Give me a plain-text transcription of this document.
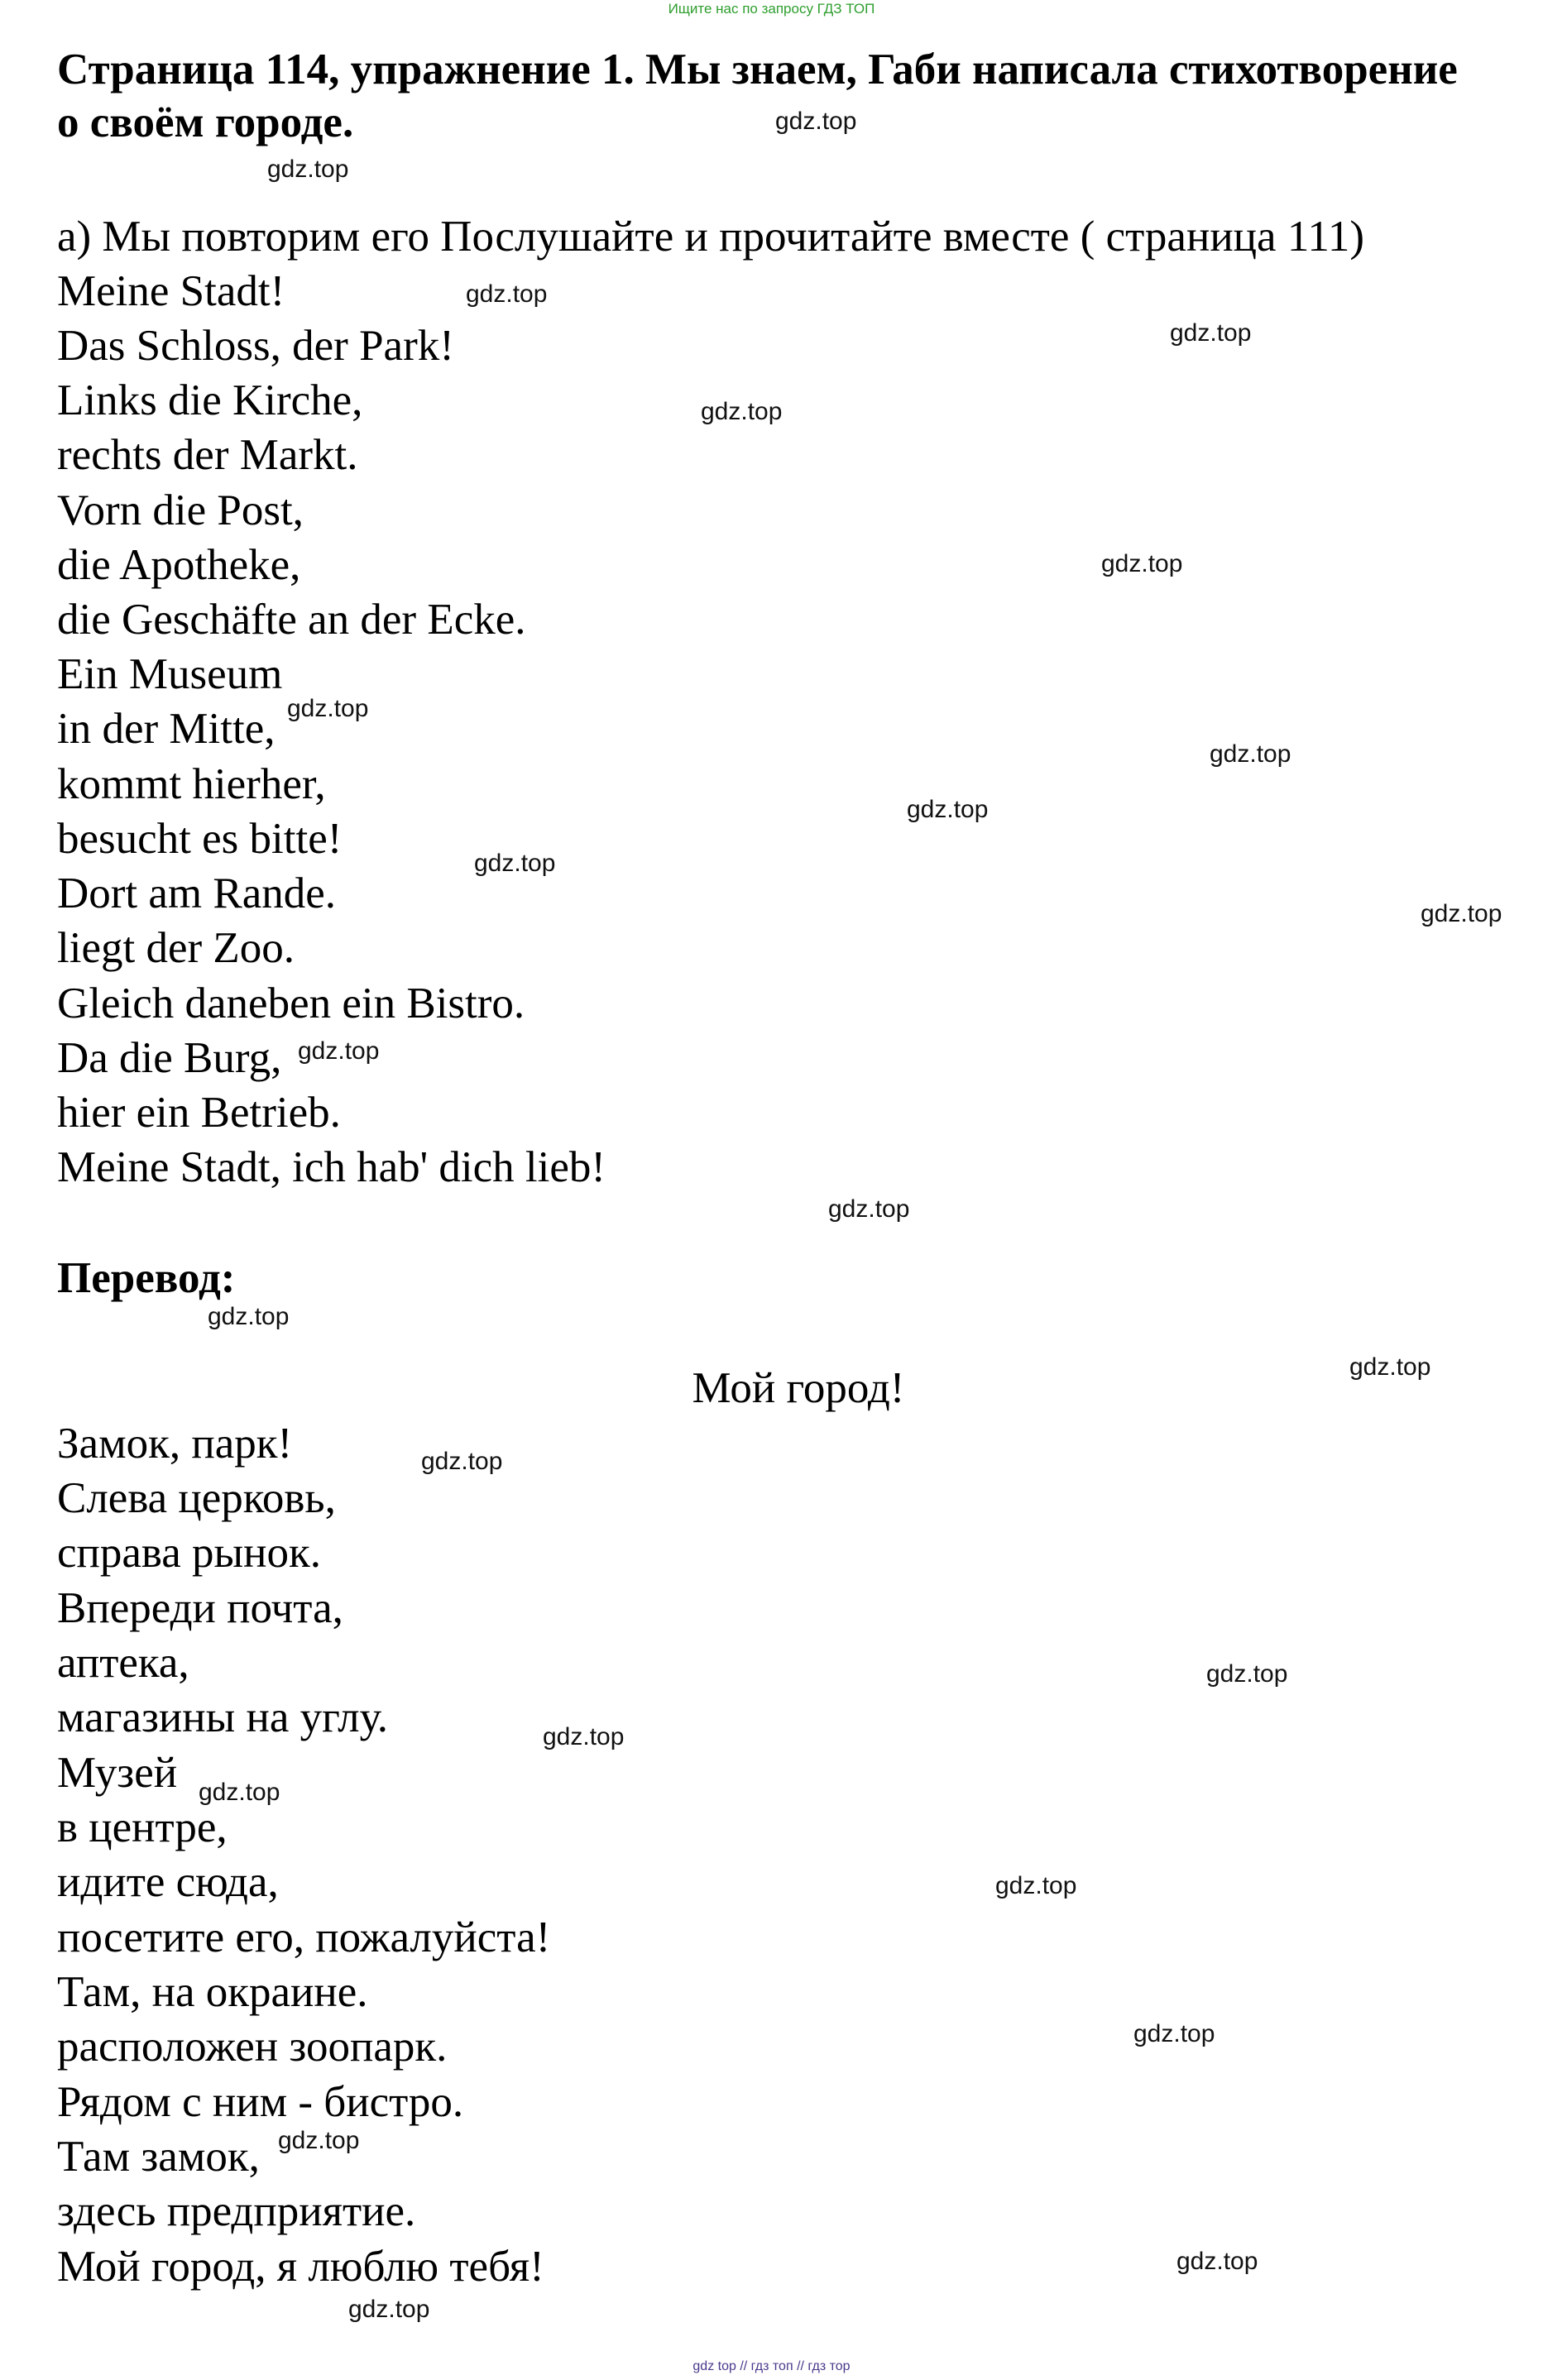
Ищите нас по запросу ГДЗ ТОП
Страница 114, упражнение 1. Мы знаем, Габи написала стихотворение о своём городе.

а) Мы повторим его Послушайте и прочитайте вместе ( страница 111)

Meine Stadt!

Das Schloss, der Park!

Links die Kirche,

rechts der Markt.

Vorn die Post,

die Apotheke,

die Geschäfte an der Ecke.

Ein Museum

in der Mitte,

kommt hierher,

besucht es bitte!

Dort am Rande.

liegt der Zoo.

Gleich daneben ein Bistro.

Da die Burg,

hier ein Betrieb.

Meine Stadt, ich hab' dich lieb!

Перевод:

Мой город!

Замок, парк!

Слева церковь,

справа рынок.

Впереди почта,

аптека,

магазины на углу.

Музей

в центре,

идите сюда,

посетите его, пожалуйста!

Там, на окраине.

расположен зоопарк.

Рядом с ним - бистро.

Там замок,

здесь предприятие.

Мой город, я люблю тебя!

gdz.top
gdz.top
gdz.top
gdz.top
gdz.top
gdz.top
gdz.top
gdz.top
gdz.top
gdz.top
gdz.top
gdz.top
gdz.top
gdz.top
gdz.top
gdz.top
gdz.top
gdz.top
gdz.top
gdz.top
gdz.top
gdz.top
gdz.top
gdz.top
gdz top // гдз топ // гдз тор
